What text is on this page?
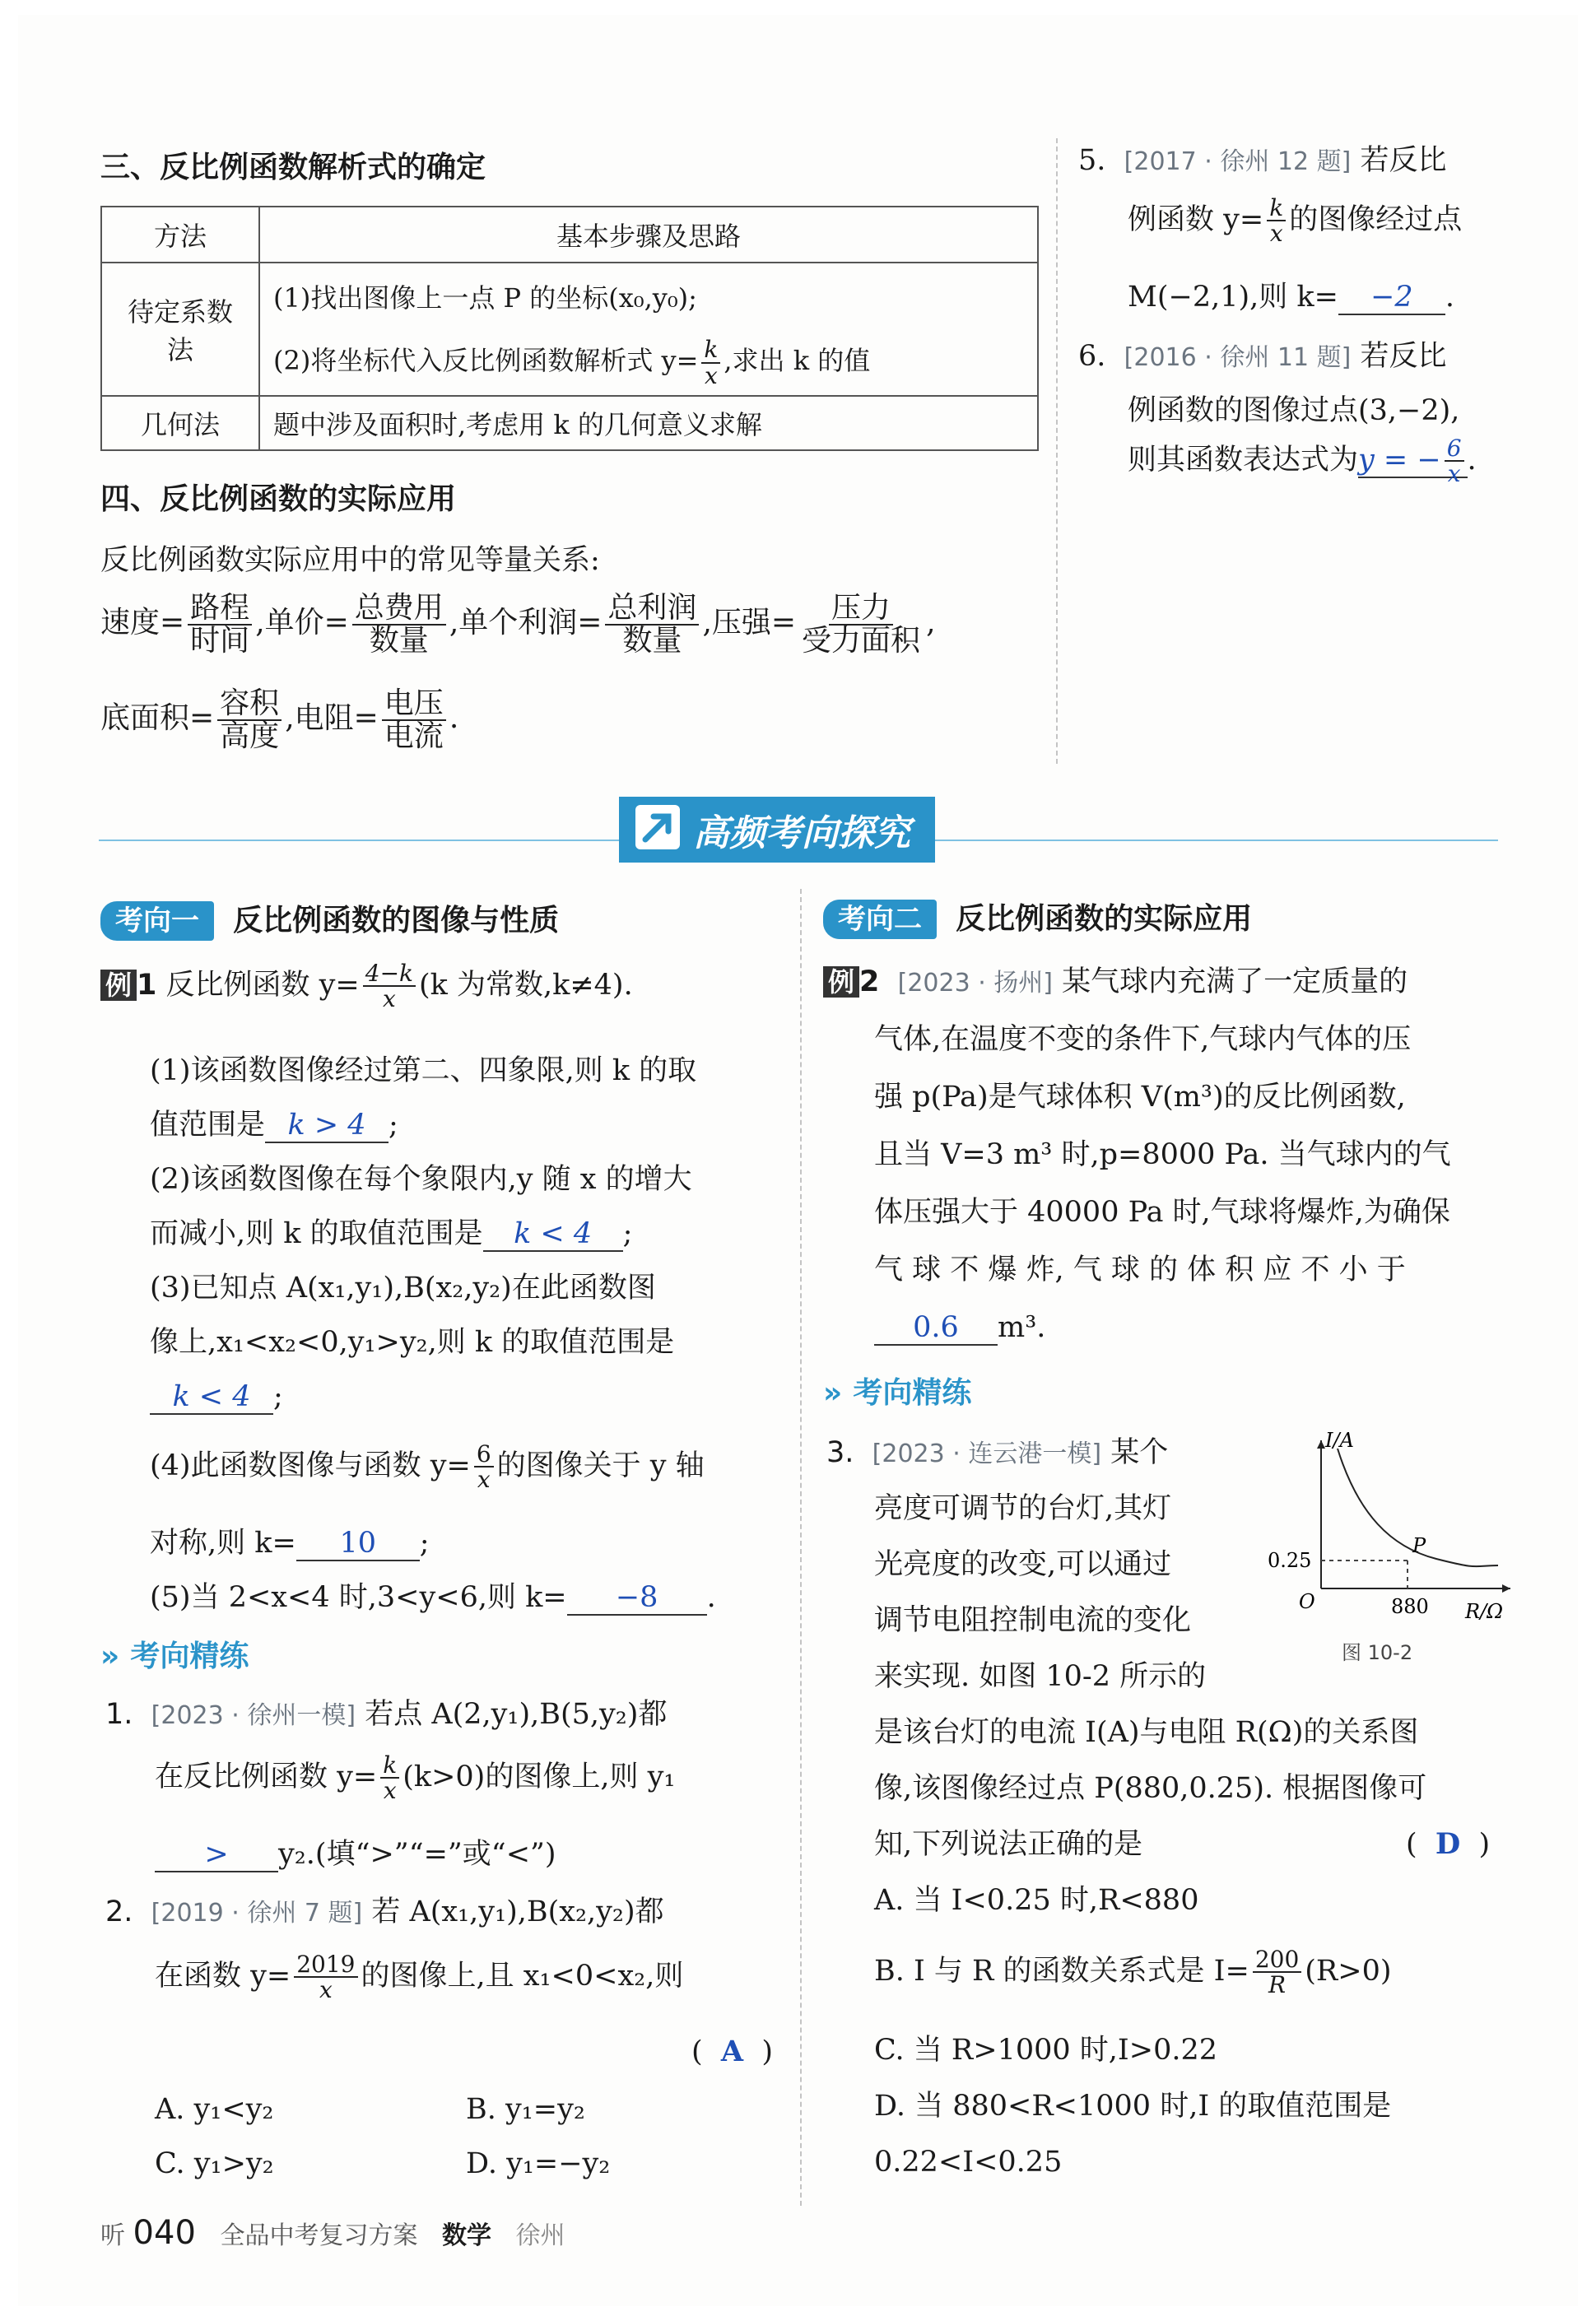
三、反比例函数解析式的确定
方法	基本步骤及思路
待定系数法	(1)找出图像上一点 P 的坐标(x₀,y₀);
(2)将坐标代入反比例函数解析式 $y= \frac{k}{x}$ ,求出 k 的值

几何法	题中涉及面积时,考虑用 k 的几何意义求解
四、反比例函数的实际应用
反比例函数实际应用中的常见等量关系:
速度= $\frac{\text{路程}}{\text{时间}}$ ,单价= $\frac{\text{总费用}}{\text{数量}}$ ,单个利润= $\frac{\text{总利润}}{\text{数量}}$ ,压强= $\frac{\text{压力}}{\text{受力面积}}$ ,
底面积= $\frac{\text{容积}}{\text{高度}}$ ,电阻= $\frac{\text{电压}}{\text{电流}}$ .
5. [2017 · 徐州 12 题] 若反比
例函数 $y= \frac{k}{x}$ 的图像经过点
M(−2,1),则 k= −2 .
6. [2016 · 徐州 11 题] 若反比
例函数的图像过点(3,−2),
则其函数表达式为y = − $\frac{6}{x}$ .
高频考向探究
考向一 反比例函数的图像与性质
例 1 反比例函数 $y= \frac{4-k}{x} (k$ 为常数,k≠4).
(1)该函数图像经过第二、四象限,则 k 的取
值范围是 k > 4 ;
(2)该函数图像在每个象限内,y 随 x 的增大
而减小,则 k 的取值范围是 k < 4 ;
(3)已知点 A(x₁,y₁),B(x₂,y₂)在此函数图
像上,x₁<x₂<0,y₁>y₂,则 k 的取值范围是
k < 4 ;
(4)此函数图像与函数 $y= \frac{6}{x}$ 的图像关于 y 轴
对称,则 k= 10 ;
(5)当 2<x<4 时,3<y<6,则 k= −8 .
» 考向精练
1. [2023 · 徐州一模] 若点 A(2,y₁),B(5,y₂)都
在反比例函数 $y= \frac{k}{x} (k>0)$的图像上,则 y₁
> y₂.(填“>”“=”或“<”)
2. [2019 · 徐州 7 题] 若 A(x₁,y₁),B(x₂,y₂)都
在函数 $y= \frac{2019}{x}$ 的图像上,且 x₁<0<x₂,则
(  A  )
A. y₁<y₂	B. y₁=y₂
C. y₁>y₂	D. y₁=−y₂
考向二 反比例函数的实际应用
例 2 [2023 · 扬州] 某气球内充满了一定质量的
气体,在温度不变的条件下,气球内气体的压
强 p(Pa)是气球体积 V(m³)的反比例函数,
且当 V=3 m³ 时,p=8000 Pa. 当气球内的气
体压强大于 40000 Pa 时,气球将爆炸,为确保
气 球 不 爆 炸, 气 球 的 体 积 应 不 小 于
0.6 m³.
» 考向精练
3. [2023 · 连云港一模] 某个
亮度可调节的台灯,其灯
光亮度的改变,可以通过
调节电阻控制电流的变化
来实现. 如图 10-2 所示的
是该台灯的电流 I(A)与电阻 R(Ω)的关系图
像,该图像经过点 P(880,0.25). 根据图像可
知,下列说法正确的是	(  D  )
A. 当 I<0.25 时,R<880
B. I 与 R 的函数关系式是 $I= \frac{200}{R} (R>0)$
C. 当 R>1000 时,I>0.22
D. 当 880<R<1000 时,I 的取值范围是
0.22<I<0.25
I/A
R/Ω
O
0.25
880
P
图 10-2
听 040 全品中考复习方案 数学 徐州
